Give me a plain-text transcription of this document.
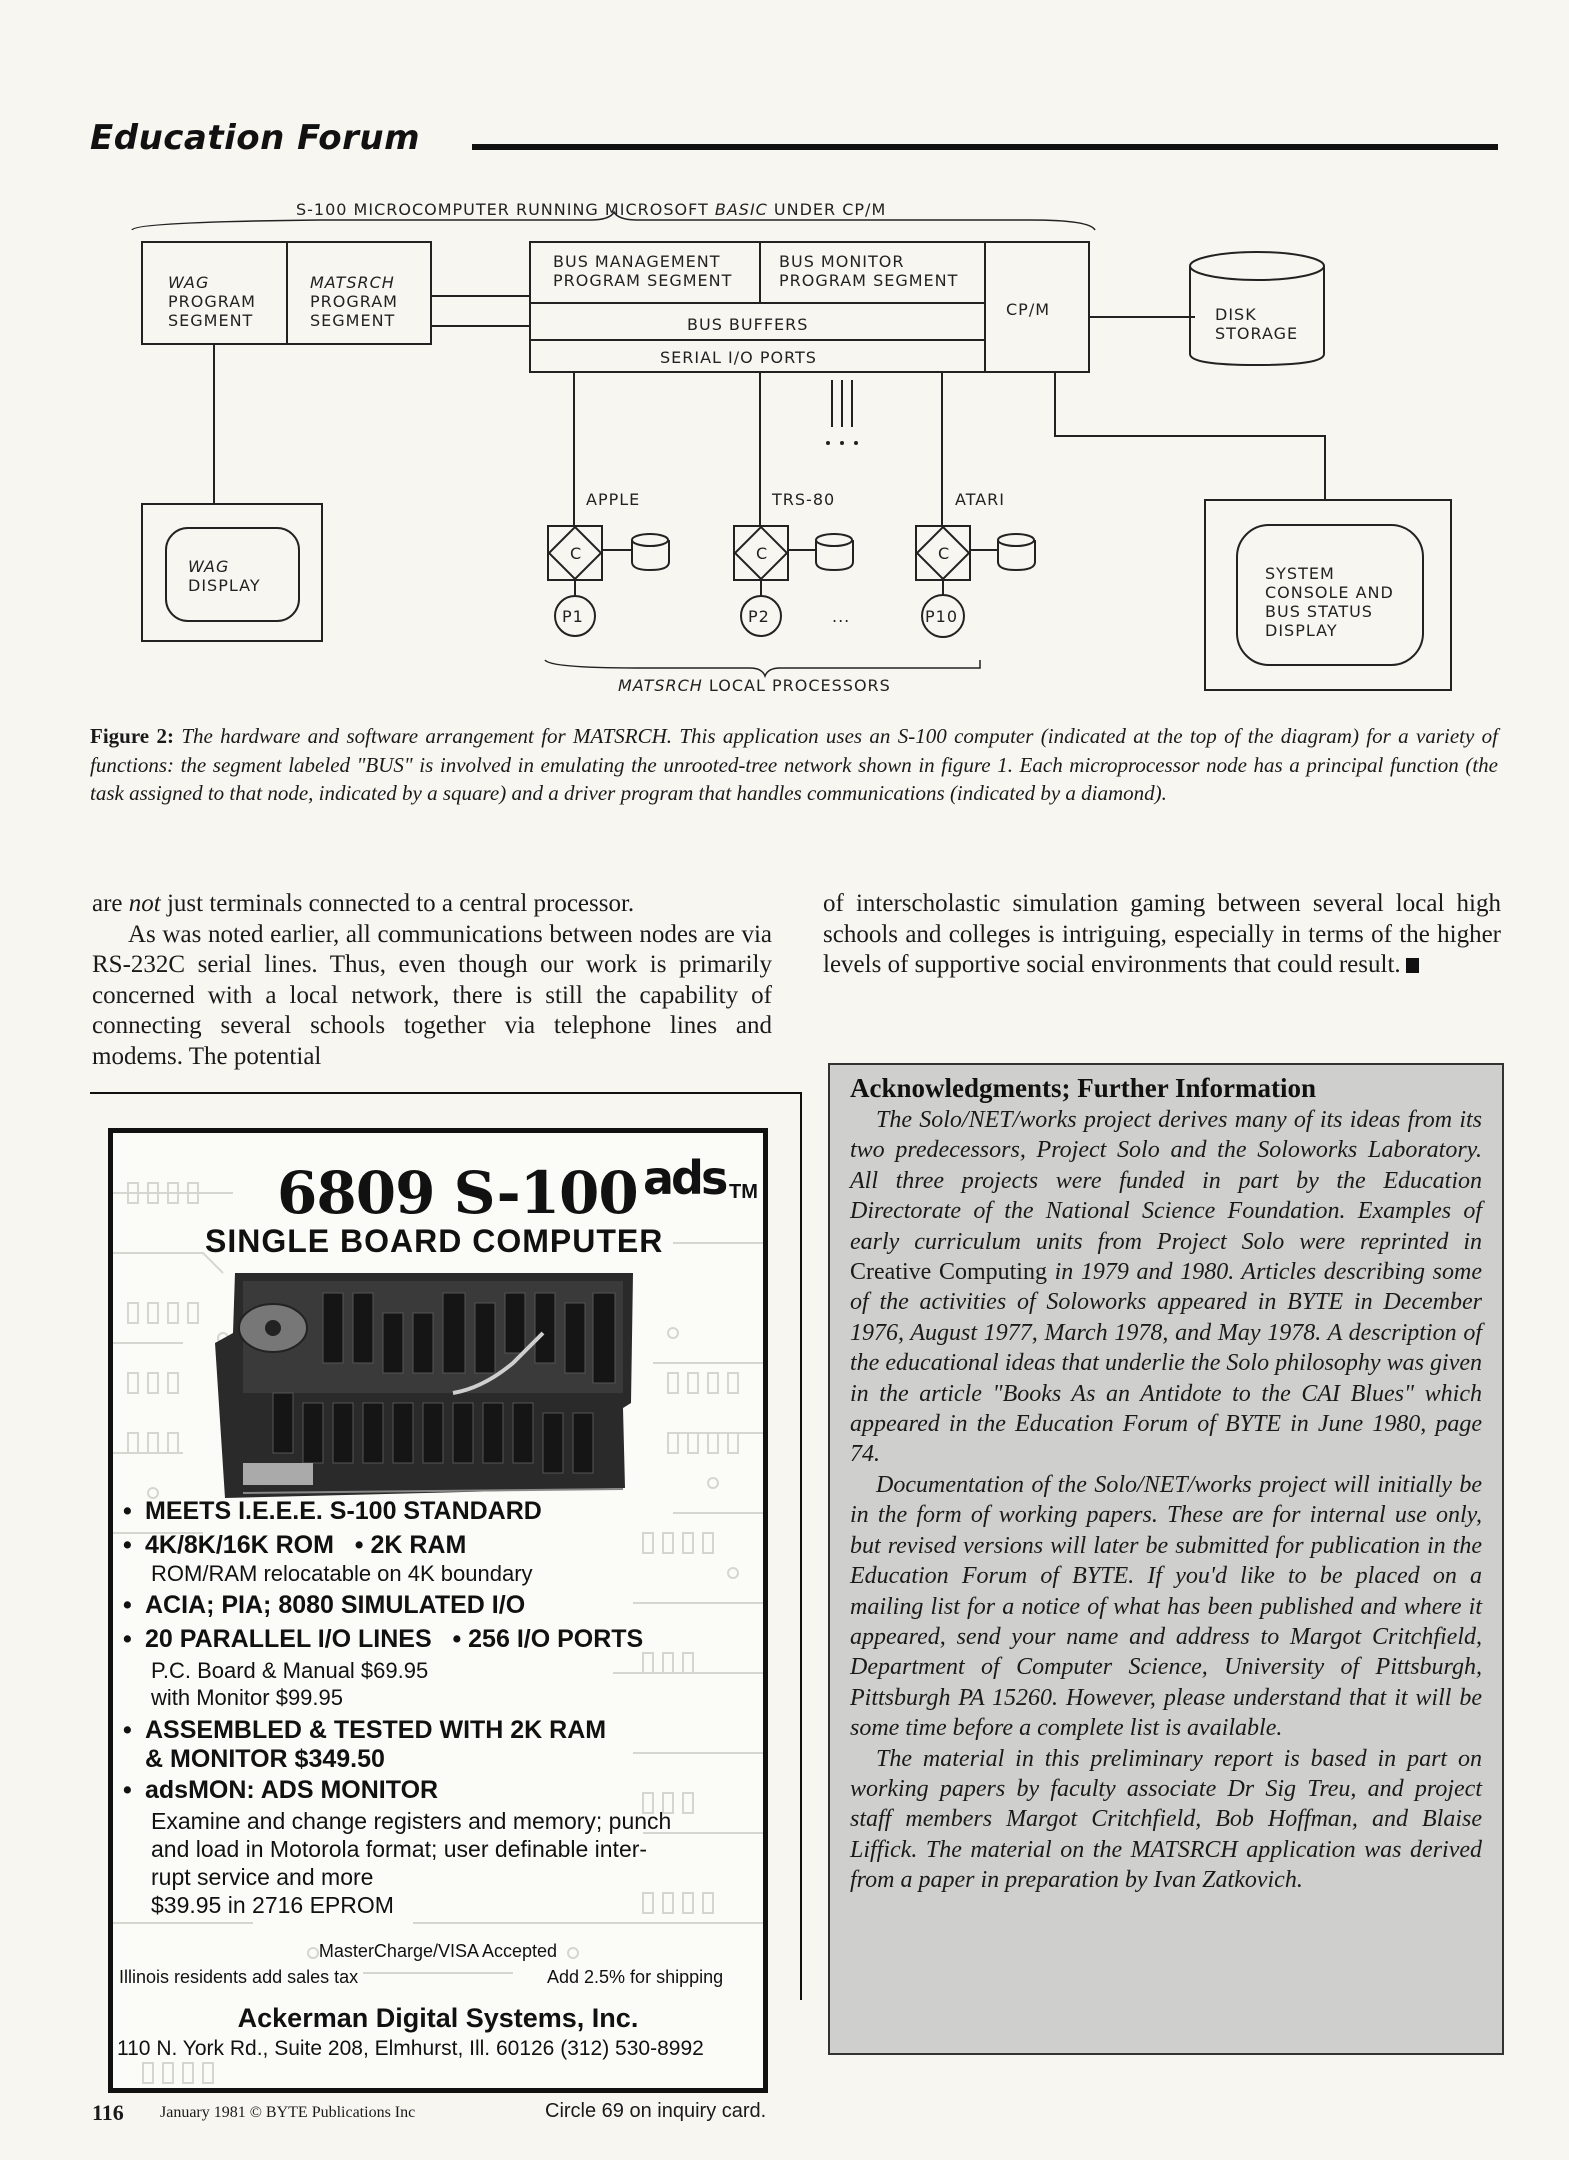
Education Forum
S-100 MICROCOMPUTER RUNNING MICROSOFT BASIC UNDER CP/M
WAG
PROGRAM
SEGMENT
MATSRCH
PROGRAM
SEGMENT
BUS MANAGEMENT
PROGRAM SEGMENT
BUS MONITOR
PROGRAM SEGMENT
BUS BUFFERS
SERIAL I/O PORTS
CP/M	DISK
STORAGE
WAG
DISPLAY
SYSTEM
CONSOLE AND
BUS STATUS
DISPLAY
APPLE	TRS-80	ATARI
C	C	C
P1	P2	P10
...
...
MATSRCH LOCAL PROCESSORS
Figure 2: The hardware and software arrangement for MATSRCH. This application uses an S-100 computer (indicated at the top of the diagram) for a variety of functions: the segment labeled "BUS" is involved in emulating the unrooted-tree network shown in figure 1. Each microprocessor node has a principal function (the task assigned to that node, indicated by a square) and a driver program that handles communications (indicated by a diamond).
are not just terminals connected to a central processor.
As was noted earlier, all communications between nodes are via RS-232C serial lines. Thus, even though our work is primarily concerned with a local network, there is still the capability of connecting several schools together via telephone lines and modems. The potential
of interscholastic simulation gaming between several local high schools and colleges is intriguing, especially in terms of the higher levels of supportive social environments that could result.
6809 S-100 ads TM
SINGLE BOARD COMPUTER
• MEETS I.E.E.E. S-100 STANDARD
• 4K/8K/16K ROM   • 2K RAM
ROM/RAM relocatable on 4K boundary
• ACIA; PIA; 8080 SIMULATED I/O
• 20 PARALLEL I/O LINES   • 256 I/O PORTS
P.C. Board & Manual $69.95
with Monitor $99.95
• ASSEMBLED & TESTED WITH 2K RAM
& MONITOR $349.50
• adsMON: ADS MONITOR
Examine and change registers and memory; punch
and load in Motorola format; user definable inter-
rupt service and more
$39.95 in 2716 EPROM
MasterCharge/VISA Accepted
Illinois residents add sales tax	Add 2.5% for shipping
Ackerman Digital Systems, Inc.
110 N. York Rd., Suite 208, Elmhurst, Ill. 60126 (312) 530-8992
Acknowledgments; Further Information

The Solo/NET/works project derives many of its ideas from its two predecessors, Project Solo and the Soloworks Laboratory. All three projects were funded in part by the Education Directorate of the National Science Foundation. Examples of early curriculum units from Project Solo were reprinted in Creative Computing in 1979 and 1980. Articles describing some of the activities of Soloworks appeared in BYTE in December 1976, August 1977, March 1978, and May 1978. A description of the educational ideas that underlie the Solo philosophy was given in the article "Books As an Antidote to the CAI Blues" which appeared in the Education Forum of BYTE in June 1980, page 74.

Documentation of the Solo/NET/works project will initially be in the form of working papers. These are for internal use only, but revised versions will later be submitted for publication in the Education Forum of BYTE. If you'd like to be placed on a mailing list for a notice of what has been published and where it appeared, send your name and address to Margot Critchfield, Department of Computer Science, University of Pittsburgh, Pittsburgh PA 15260. However, please understand that it will be some time before a complete list is available.

The material in this preliminary report is based in part on working papers by faculty associate Dr Sig Treu, and project staff members Margot Critchfield, Bob Hoffman, and Blaise Liffick. The material on the MATSRCH application was derived from a paper in preparation by Ivan Zatkovich.

116 January 1981 © BYTE Publications Inc	Circle 69 on inquiry card.
